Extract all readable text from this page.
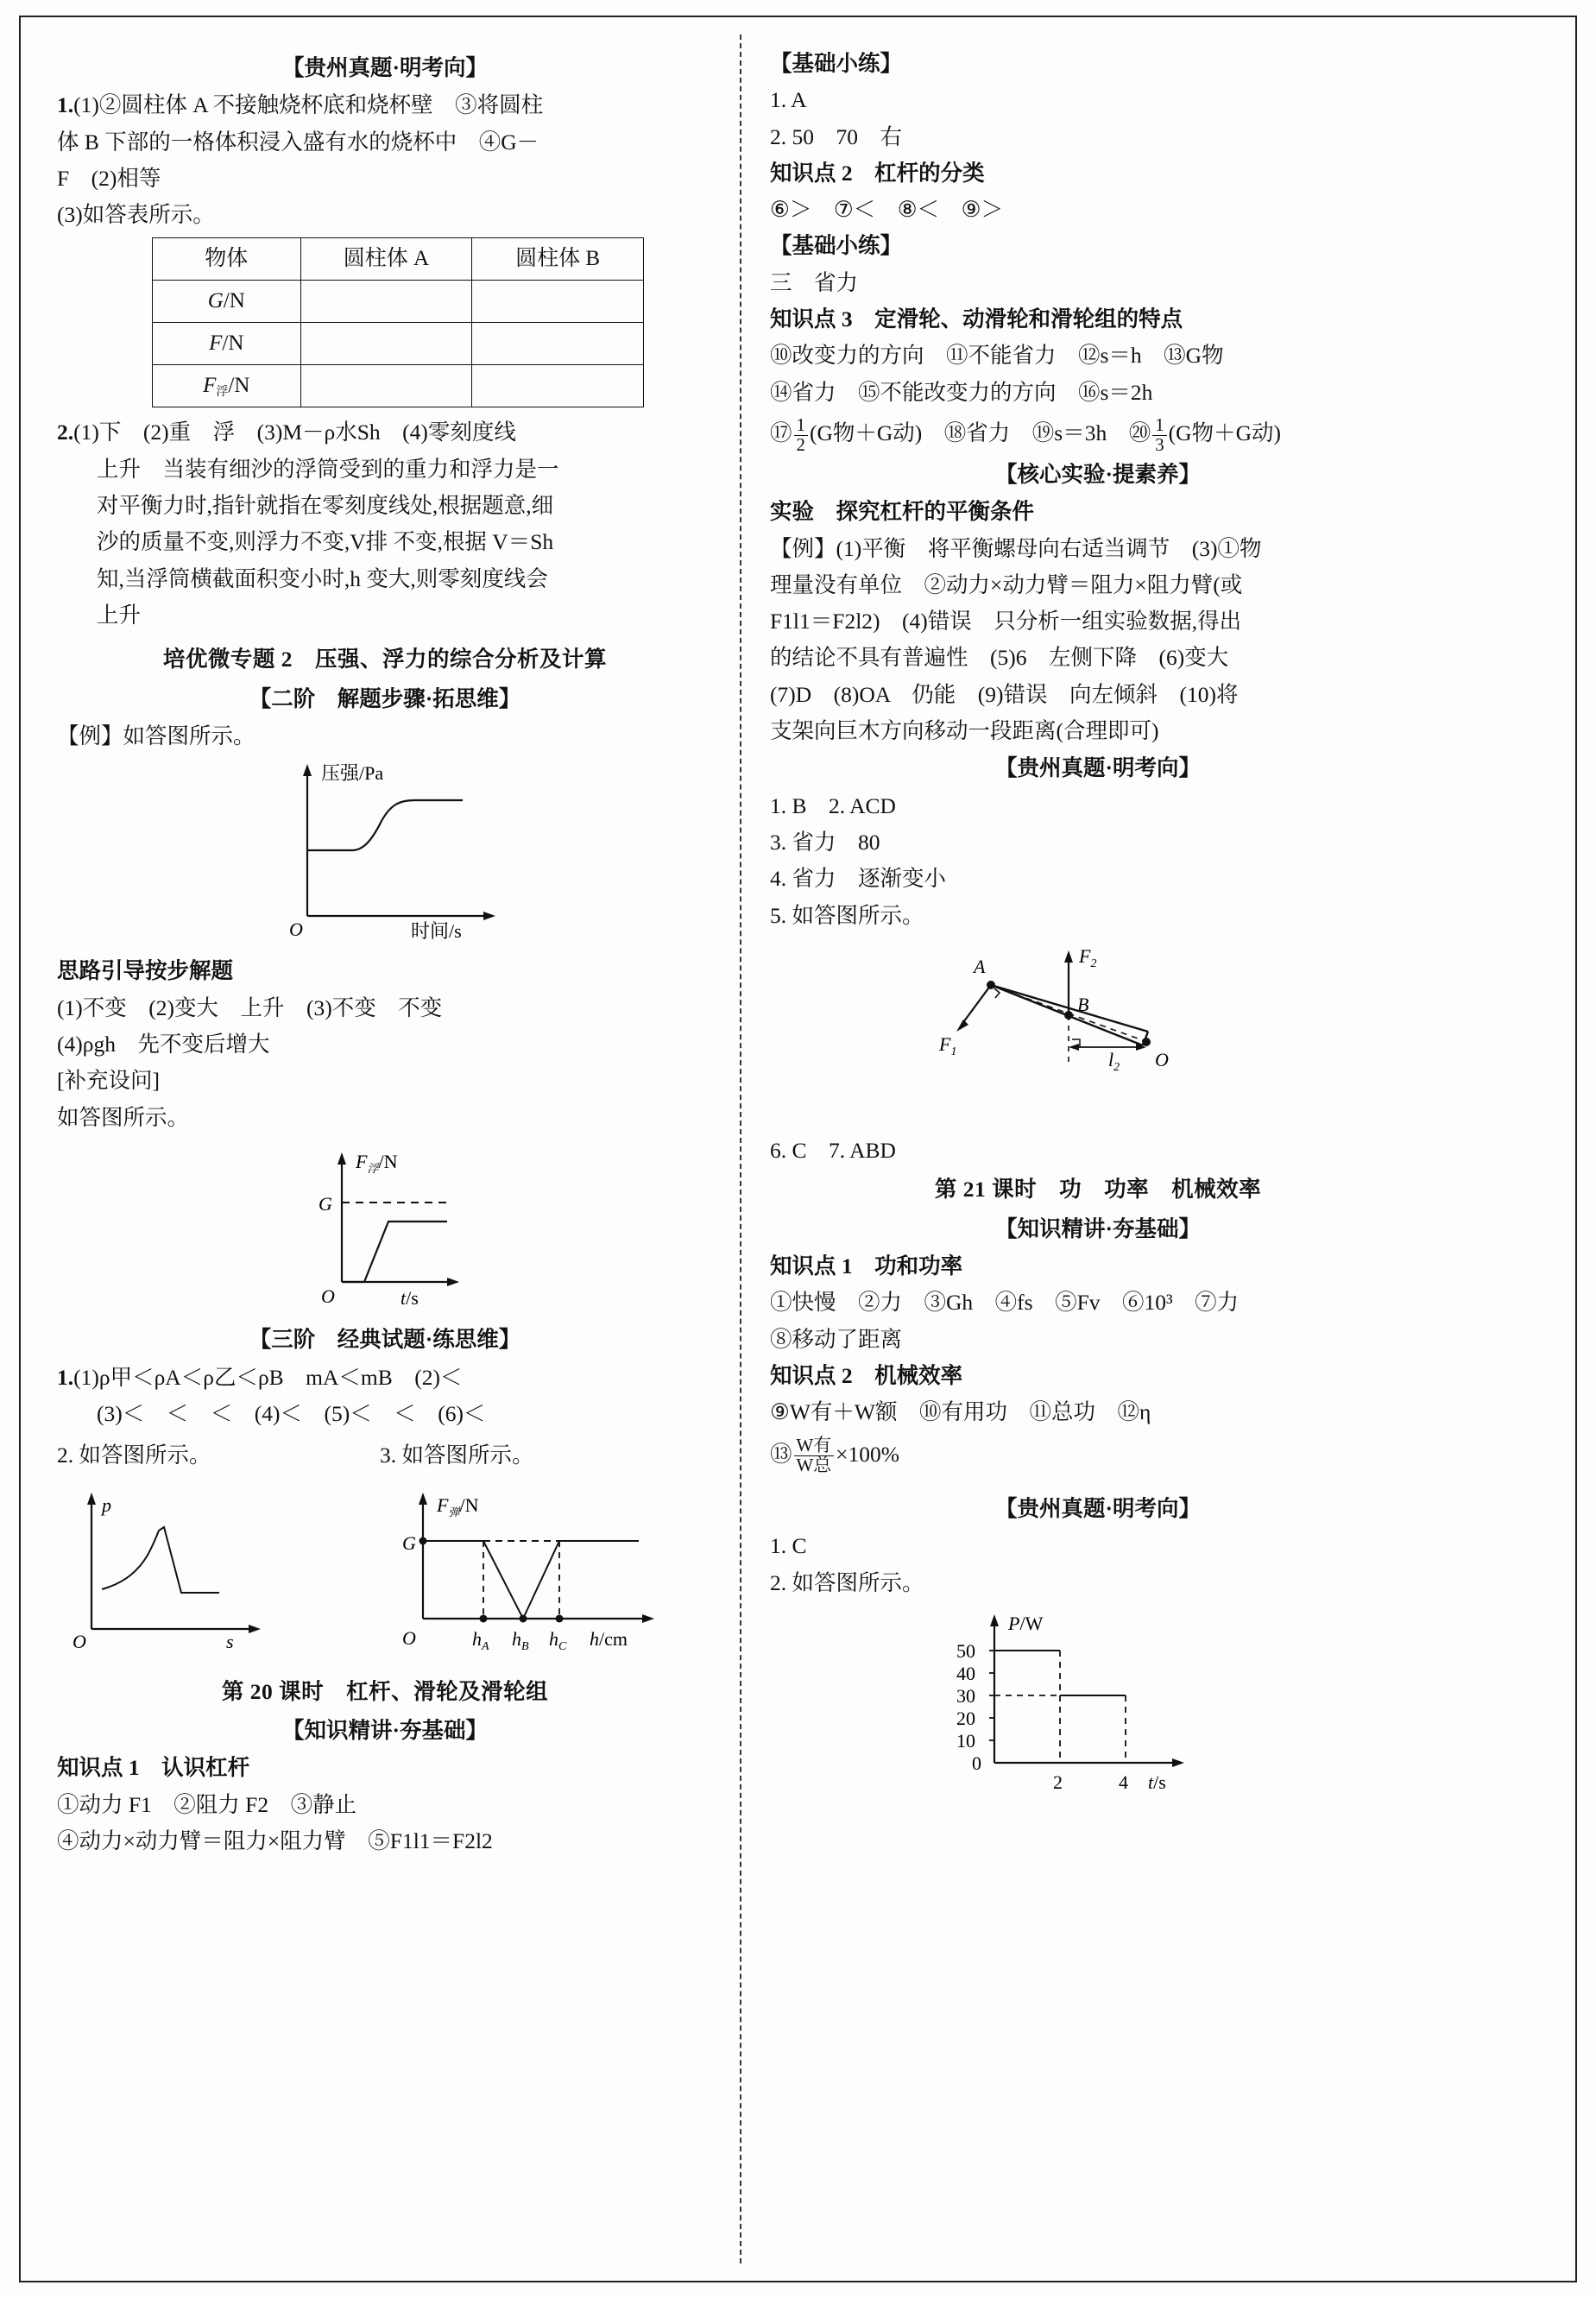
【贵州真题·明考向】
1.(1)②圆柱体 A 不接触烧杯底和烧杯壁　③将圆柱
体 B 下部的一格体积浸入盛有水的烧杯中　④G－
F　(2)相等
(3)如答表所示。
物体	圆柱体 A	圆柱体 B
G/N		
F/N		
F浮/N		
2.(1)下　(2)重　浮　(3)M－ρ水Sh　(4)零刻度线
上升　当装有细沙的浮筒受到的重力和浮力是一
对平衡力时,指针就指在零刻度线处,根据题意,细
沙的质量不变,则浮力不变,V排 不变,根据 V＝Sh
知,当浮筒横截面积变小时,h 变大,则零刻度线会
上升
培优微专题 2　压强、浮力的综合分析及计算
【二阶　解题步骤·拓思维】
【例】如答图所示。
O
压强/Pa
时间/s
思路引导按步解题
(1)不变　(2)变大　上升　(3)不变　不变
(4)ρgh　先不变后增大
[补充设问]
如答图所示。
G
O
$F_浮/N$
t/s
【三阶　经典试题·练思维】
1.(1)ρ甲＜ρA＜ρ乙＜ρB　mA＜mB　(2)＜
(3)＜　＜　＜　(4)＜　(5)＜　＜　(6)＜
2. 如答图所示。
p
O	s
3. 如答图所示。
G
$F_弹/N$
O	$h_A$ $h_B$ $h_C$ h/cm
第 20 课时　杠杆、滑轮及滑轮组
【知识精讲·夯基础】
知识点 1　认识杠杆
①动力 F1　②阻力 F2　③静止
④动力×动力臂＝阻力×阻力臂　⑤F1l1＝F2l2
【基础小练】
1. A
2. 50　70　右
知识点 2　杠杆的分类
⑥＞　⑦＜　⑧＜　⑨＞
【基础小练】
三　省力
知识点 3　定滑轮、动滑轮和滑轮组的特点
⑩改变力的方向　⑪不能省力　⑫s＝h　⑬G物
⑭省力　⑮不能改变力的方向　⑯s＝2h
⑰ $\frac{1}{2} (G$物＋G动)　⑱省力　⑲s＝3h　⑳ $\frac{1}{3} (G$物＋G动)
【核心实验·提素养】
实验　探究杠杆的平衡条件
【例】(1)平衡　将平衡螺母向右适当调节　(3)①物
理量没有单位　②动力×动力臂＝阻力×阻力臂(或
F1l1＝F2l2)　(4)错误　只分析一组实验数据,得出
的结论不具有普遍性　(5)6　左侧下降　(6)变大
(7)D　(8)OA　仍能　(9)错误　向左倾斜　(10)将
支架向巨木方向移动一段距离(合理即可)
【贵州真题·明考向】
1. B　2. ACD
3. 省力　80
4. 省力　逐渐变小
5. 如答图所示。
A
B
O
$F_1$
$F_2$
$l_2$
6. C　7. ABD
第 21 课时　功　功率　机械效率
【知识精讲·夯基础】
知识点 1　功和功率
①快慢　②力　③Gh　④fs　⑤Fv　⑥10³　⑦力
⑧移动了距离
知识点 2　机械效率
⑨W有＋W额　⑩有用功　⑪总功　⑫η
⑬ $\frac{\text{W有}}{\text{W总}} \times 100\%$
【贵州真题·明考向】
1. C
2. 如答图所示。
50
40
30
20
10
0
2	4
P/W
t/s
